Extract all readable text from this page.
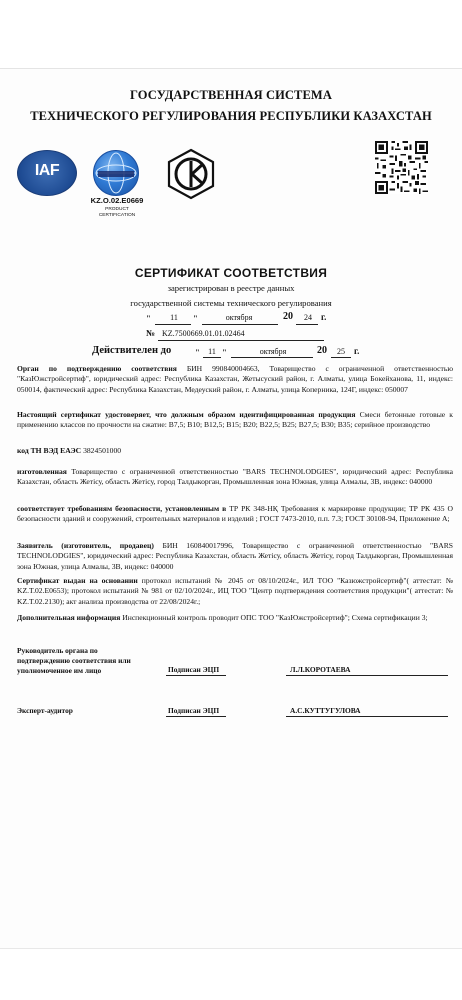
ГОСУДАРСТВЕННАЯ СИСТЕМА
ТЕХНИЧЕСКОГО РЕГУЛИРОВАНИЯ РЕСПУБЛИКИ КАЗАХСТАН
IAF
KZ.O.02.E0669
PRODUCT
CERTIFICATION
СЕРТИФИКАТ СООТВЕТСТВИЯ
зарегистрирован в реестре данных
государственной системы технического регулирования
"	11	"	октября	20	24	г.
№ KZ.7500669.01.01.02464
Действителен до	"	11 "	октября	20	25	г.
Орган по подтверждению соответствия БИН 990840004663, Товарищество с ограниченной ответственностью "КазЮжстройсертиф", юридический адрес: Республика Казахстан, Жетысуский район, г. Алматы, улица Бокейханова, 11, индекс: 050014, фактический адрес: Республика Казахстан, Медеуский район, г. Алматы, улица Коперника, 124Г, индекс: 050007
Настоящий сертификат удостоверяет, что должным образом идентифицированная продукция Смеси бетонные готовые к применению классов по прочности на сжатие: В7,5; В10; В12,5; В15; В20; В22,5; В25; В27,5; В30; В35; серийное производство
код ТН ВЭД ЕАЭС 3824501000
изготовленная Товарищество с ограниченной ответственностью "BARS TECHNOLODGIES", юридический адрес: Республика Казахстан, область Жетісу, область Жетісу, город Талдыкорган, Промышленная зона Южная, улица Алмалы, 3В, индекс: 040000
соответствует требованиям безопасности, установленным в ТР РК 348-НҚ Требования к маркировке продукции; ТР РК 435 О безопасности зданий и сооружений, строительных материалов и изделий ; ГОСТ 7473-2010, п.п. 7.3; ГОСТ 30108-94, Приложение А;
Заявитель (изготовитель, продавец) БИН 160840017996, Товарищество с ограниченной ответственностью "BARS TECHNOLODGIES", юридический адрес: Республика Казахстан, область Жетісу, область Жетісу, город Талдыкорган, Промышленная зона Южная, улица Алмалы, 3В, индекс: 040000
Сертификат выдан на основании протокол испытаний № 2045 от 08/10/2024г., ИЛ ТОО "Казюжстройсертиф"( аттестат: № KZ.T.02.E0653); протокол испытаний № 981 от 02/10/2024г., ИЦ ТОО "Центр подтверждения соответствия продукции"( аттестат: № KZ.T.02.2130); акт анализа производства от 22/08/2024г.;
Дополнительная информация Инспекционный контроль проводит ОПС ТОО "КазЮжстройсертиф"; Схема сертификации 3;
Руководитель органа по
подтверждению соответствия или
уполномоченное им лицо	Подписан ЭЦП	Л.Л.КОРОТАЕВА
Эксперт-аудитор	Подписан ЭЦП	А.С.КУТТУГУЛОВА
